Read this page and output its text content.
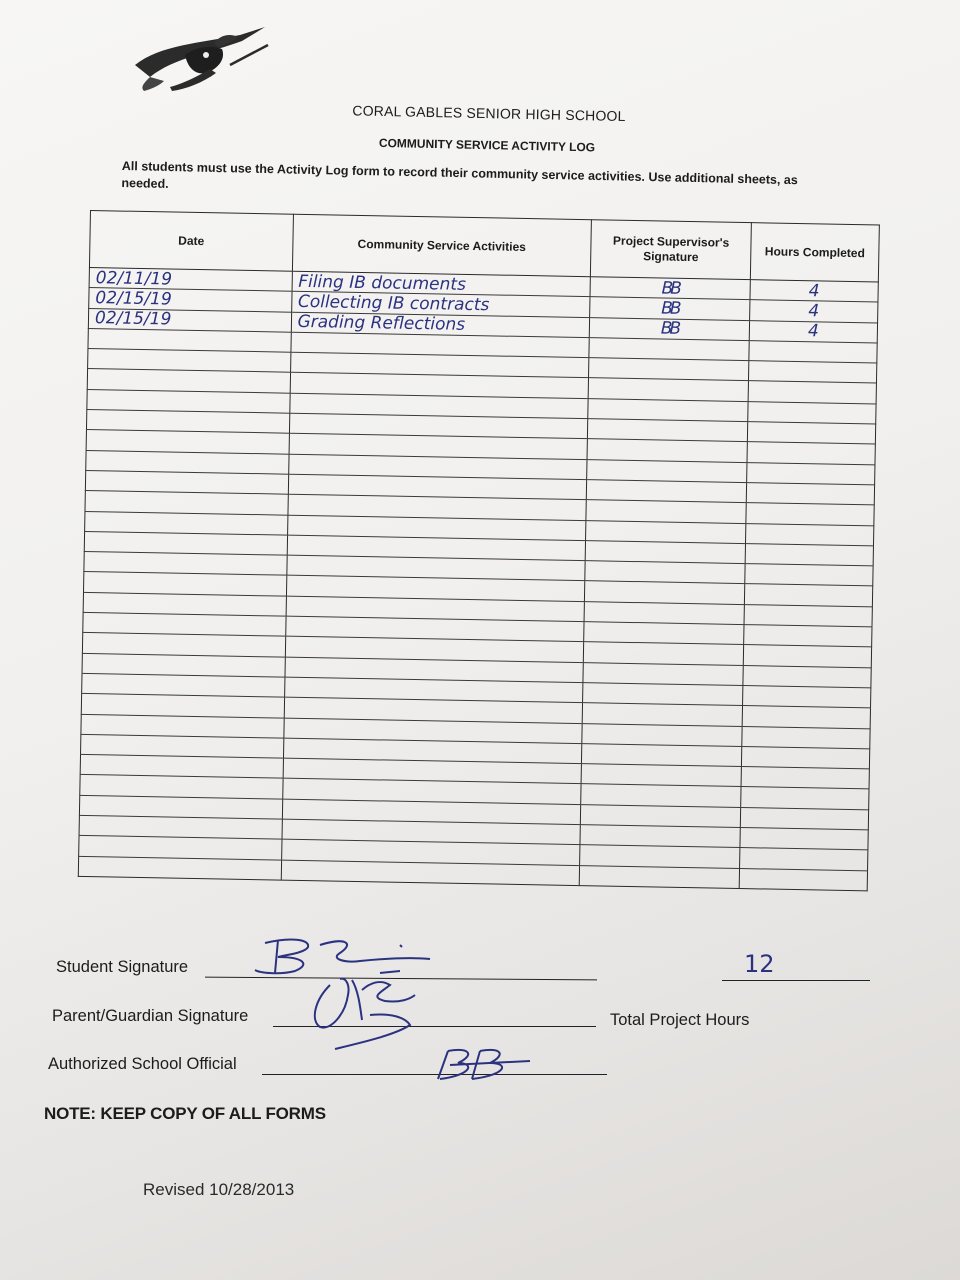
CORAL GABLES SENIOR HIGH SCHOOL
COMMUNITY SERVICE ACTIVITY LOG
All students must use the Activity Log form to record their community service activities. Use additional sheets, as needed.
Date	Community Service Activities	Project Supervisor's Signature	Hours Completed
02/11/19	Filing IB documents	BB	4
02/15/19	Collecting IB contracts	BB	4
02/15/19	Grading Reflections	BB	4

Student Signature
Parent/Guardian Signature
Authorized School Official
12
Total Project Hours
NOTE: KEEP COPY OF ALL FORMS
Revised 10/28/2013
